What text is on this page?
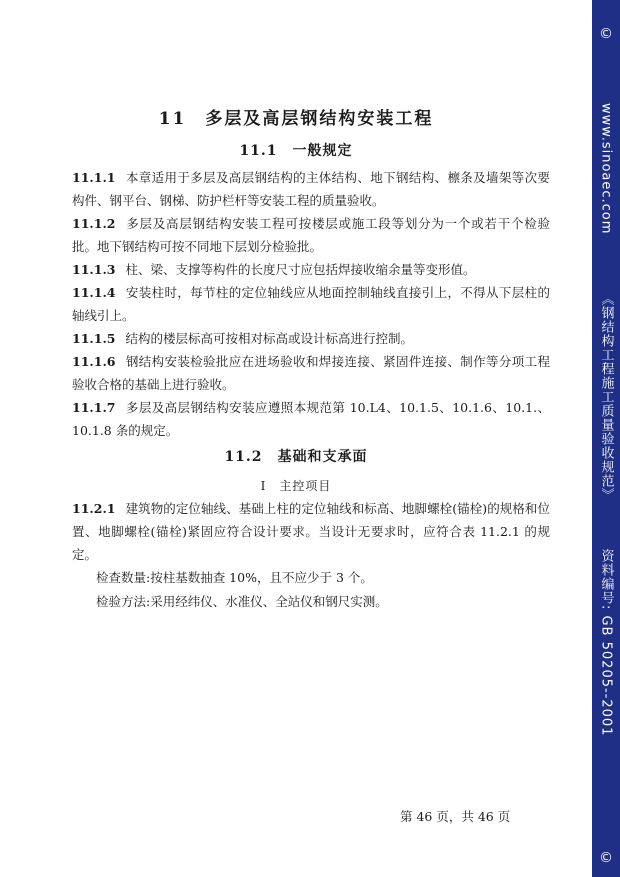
11　多层及高层钢结构安装工程
11.1　一般规定
11.1.1 本章适用于多层及高层钢结构的主体结构、地下钢结构、檩条及墙架等次要构件、钢平台、钢梯、防护栏杆等安装工程的质量验收。
11.1.2 多层及高层钢结构安装工程可按楼层或施工段等划分为一个或若干个检验批。地下钢结构可按不同地下层划分检验批。
11.1.3 柱、梁、支撑等构件的长度尺寸应包括焊接收缩余量等变形值。
11.1.4 安装柱时，每节柱的定位轴线应从地面控制轴线直接引上，不得从下层柱的轴线引上。
11.1.5 结构的楼层标高可按相对标高或设计标高进行控制。
11.1.6 钢结构安装检验批应在进场验收和焊接连接、紧固件连接、制作等分项工程验收合格的基础上进行验收。
11.1.7 多层及高层钢结构安装应遵照本规范第 10.L4、10.1.5、10.1.6、10.1.、10.1.8 条的规定。
11.2　基础和支承面
I　主控项目
11.2.1 建筑物的定位轴线、基础上柱的定位轴线和标高、地脚螺栓(锚栓)的规格和位置、地脚螺栓(锚栓)紧固应符合设计要求。当设计无要求时，应符合表 11.2.1 的规定。
检查数量:按柱基数抽查 10%，且不应少于 3 个。
检验方法:采用经纬仪、水准仪、全站仪和钢尺实测。
第 46 页，共 46 页
©
www.sinoaec.com
《钢结构工程施工质量验收规范》
资料编号: GB 50205--2001
©
